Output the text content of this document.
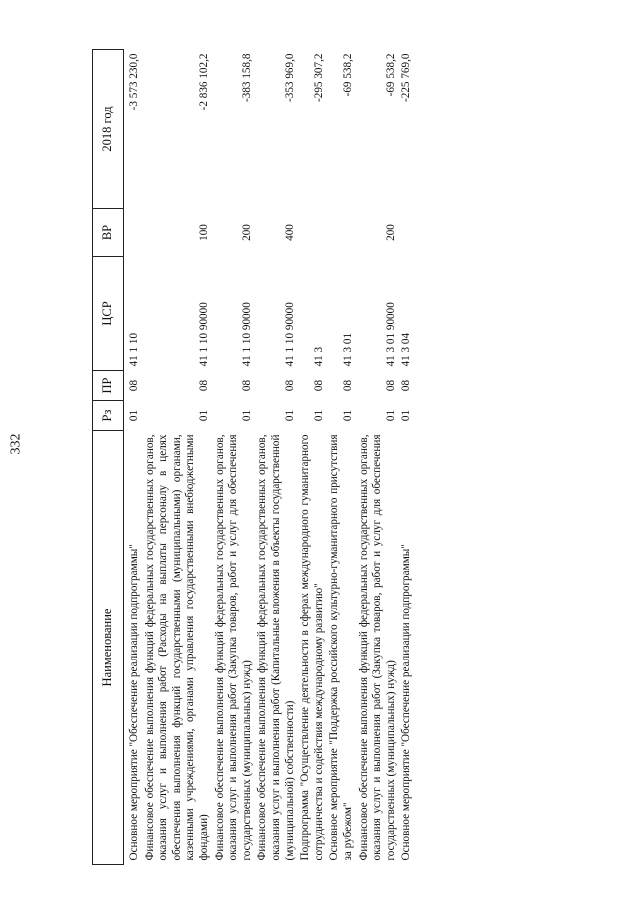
332
Наименование	Рз	ПР	ЦСР	ВР	2018 год
Основное мероприятие "Обеспечение реализации подпрограммы"	01	08	41 1 10		-3 573 230,0
Финансовое обеспечение выполнения функций федеральных государственных органов, оказания услуг и выполнения работ (Расходы на выплаты персоналу в целях обеспечения выполнения функций государственными (муниципальными) органами, казенными учреждениями, органами управления государственными внебюджетными фондами)	01	08	41 1 10 90000	100	-2 836 102,2
Финансовое обеспечение выполнения функций федеральных государственных органов, оказания услуг и выполнения работ (Закупка товаров, работ и услуг для обеспечения государственных (муниципальных) нужд)	01	08	41 1 10 90000	200	-383 158,8
Финансовое обеспечение выполнения функций федеральных государственных органов, оказания услуг и выполнения работ (Капитальные вложения в объекты государственной (муниципальной) собственности)	01	08	41 1 10 90000	400	-353 969,0
Подпрограмма "Осуществление деятельности в сферах международного гуманитарного сотрудничества и содействия международному развитию"	01	08	41 3		-295 307,2
Основное мероприятие "Поддержка российского культурно-гуманитарного присутствия за рубежом"	01	08	41 3 01		-69 538,2
Финансовое обеспечение выполнения функций федеральных государственных органов, оказания услуг и выполнения работ (Закупка товаров, работ и услуг для обеспечения государственных (муниципальных) нужд)	01	08	41 3 01 90000	200	-69 538,2
Основное мероприятие "Обеспечение реализации подпрограммы"	01	08	41 3 04		-225 769,0
